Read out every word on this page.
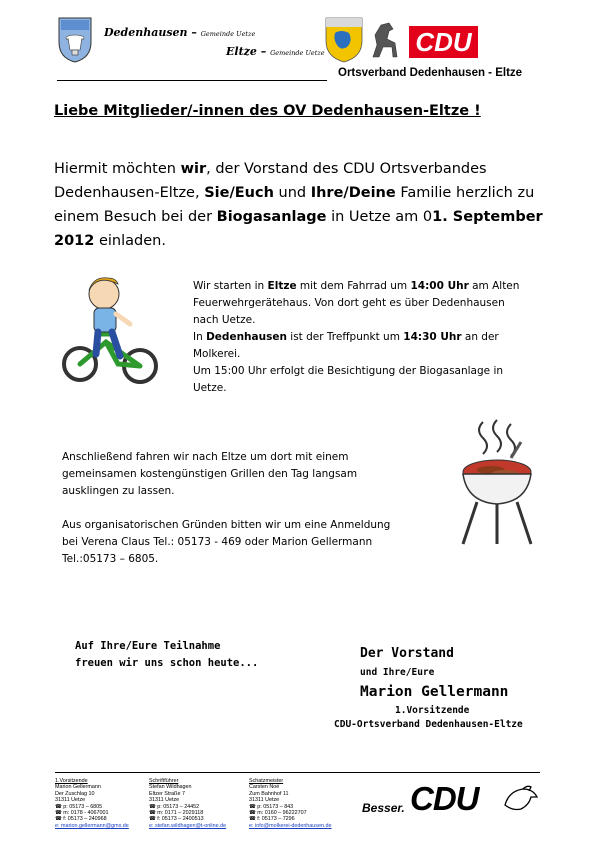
Dedenhausen – Gemeinde Uetze
Eltze – Gemeinde Uetze	CDU
Ortsverband Dedenhausen - Eltze
Liebe Mitglieder/-innen des OV Dedenhausen-Eltze !
Hiermit möchten wir, der Vorstand des CDU Ortsverbandes Dedenhausen-Eltze, Sie/Euch und Ihre/Deine Familie herzlich zu einem Besuch bei der Biogasanlage in Uetze am 01. September 2012 einladen.
Wir starten in Eltze mit dem Fahrrad um 14:00 Uhr am Alten Feuerwehrgerätehaus. Von dort geht es über Dedenhausen nach Uetze.
In Dedenhausen ist der Treffpunkt um 14:30 Uhr an der Molkerei.
Um 15:00 Uhr erfolgt die Besichtigung der Biogasanlage in Uetze.
Anschließend fahren wir nach Eltze um dort mit einem gemeinsamen kostengünstigen Grillen den Tag langsam ausklingen zu lassen.
Aus organisatorischen Gründen bitten wir um eine Anmeldung bei Verena Claus Tel.: 05173 - 469 oder Marion Gellermann Tel.:05173 – 6805.
Auf Ihre/Eure Teilnahme
freuen wir uns schon heute...
Der Vorstand
und Ihre/Eure
Marion Gellermann
1.Vorsitzende
CDU-Ortsverband Dedenhausen-Eltze
1.Vorsitzende
Marion Gellermann
Der Zuschlag 10
31311 Uetze
☎ p: 05173 – 6805
☎ m: 0178 - 4067001
☎ f: 05173 – 240968
e: marion.gellermann@gmx.de
Schriftführer
Stefan Wildhagen
Eltzer Straße 7
31311 Uetze
☎ p: 05173 – 24452
☎ m: 0171 – 2029118
☎ f: 05173 – 2400513
e: stefan.wildhagen@t-online.de
Schatzmeister
Carsten Noé
Zum Bahnhof 11
31311 Uetze
☎ p: 05173 – 843
☎ m: 0160 – 96222707
☎ f: 05173 – 7296
e: info@molkerei-dedenhausen.de
Besser. CDU
